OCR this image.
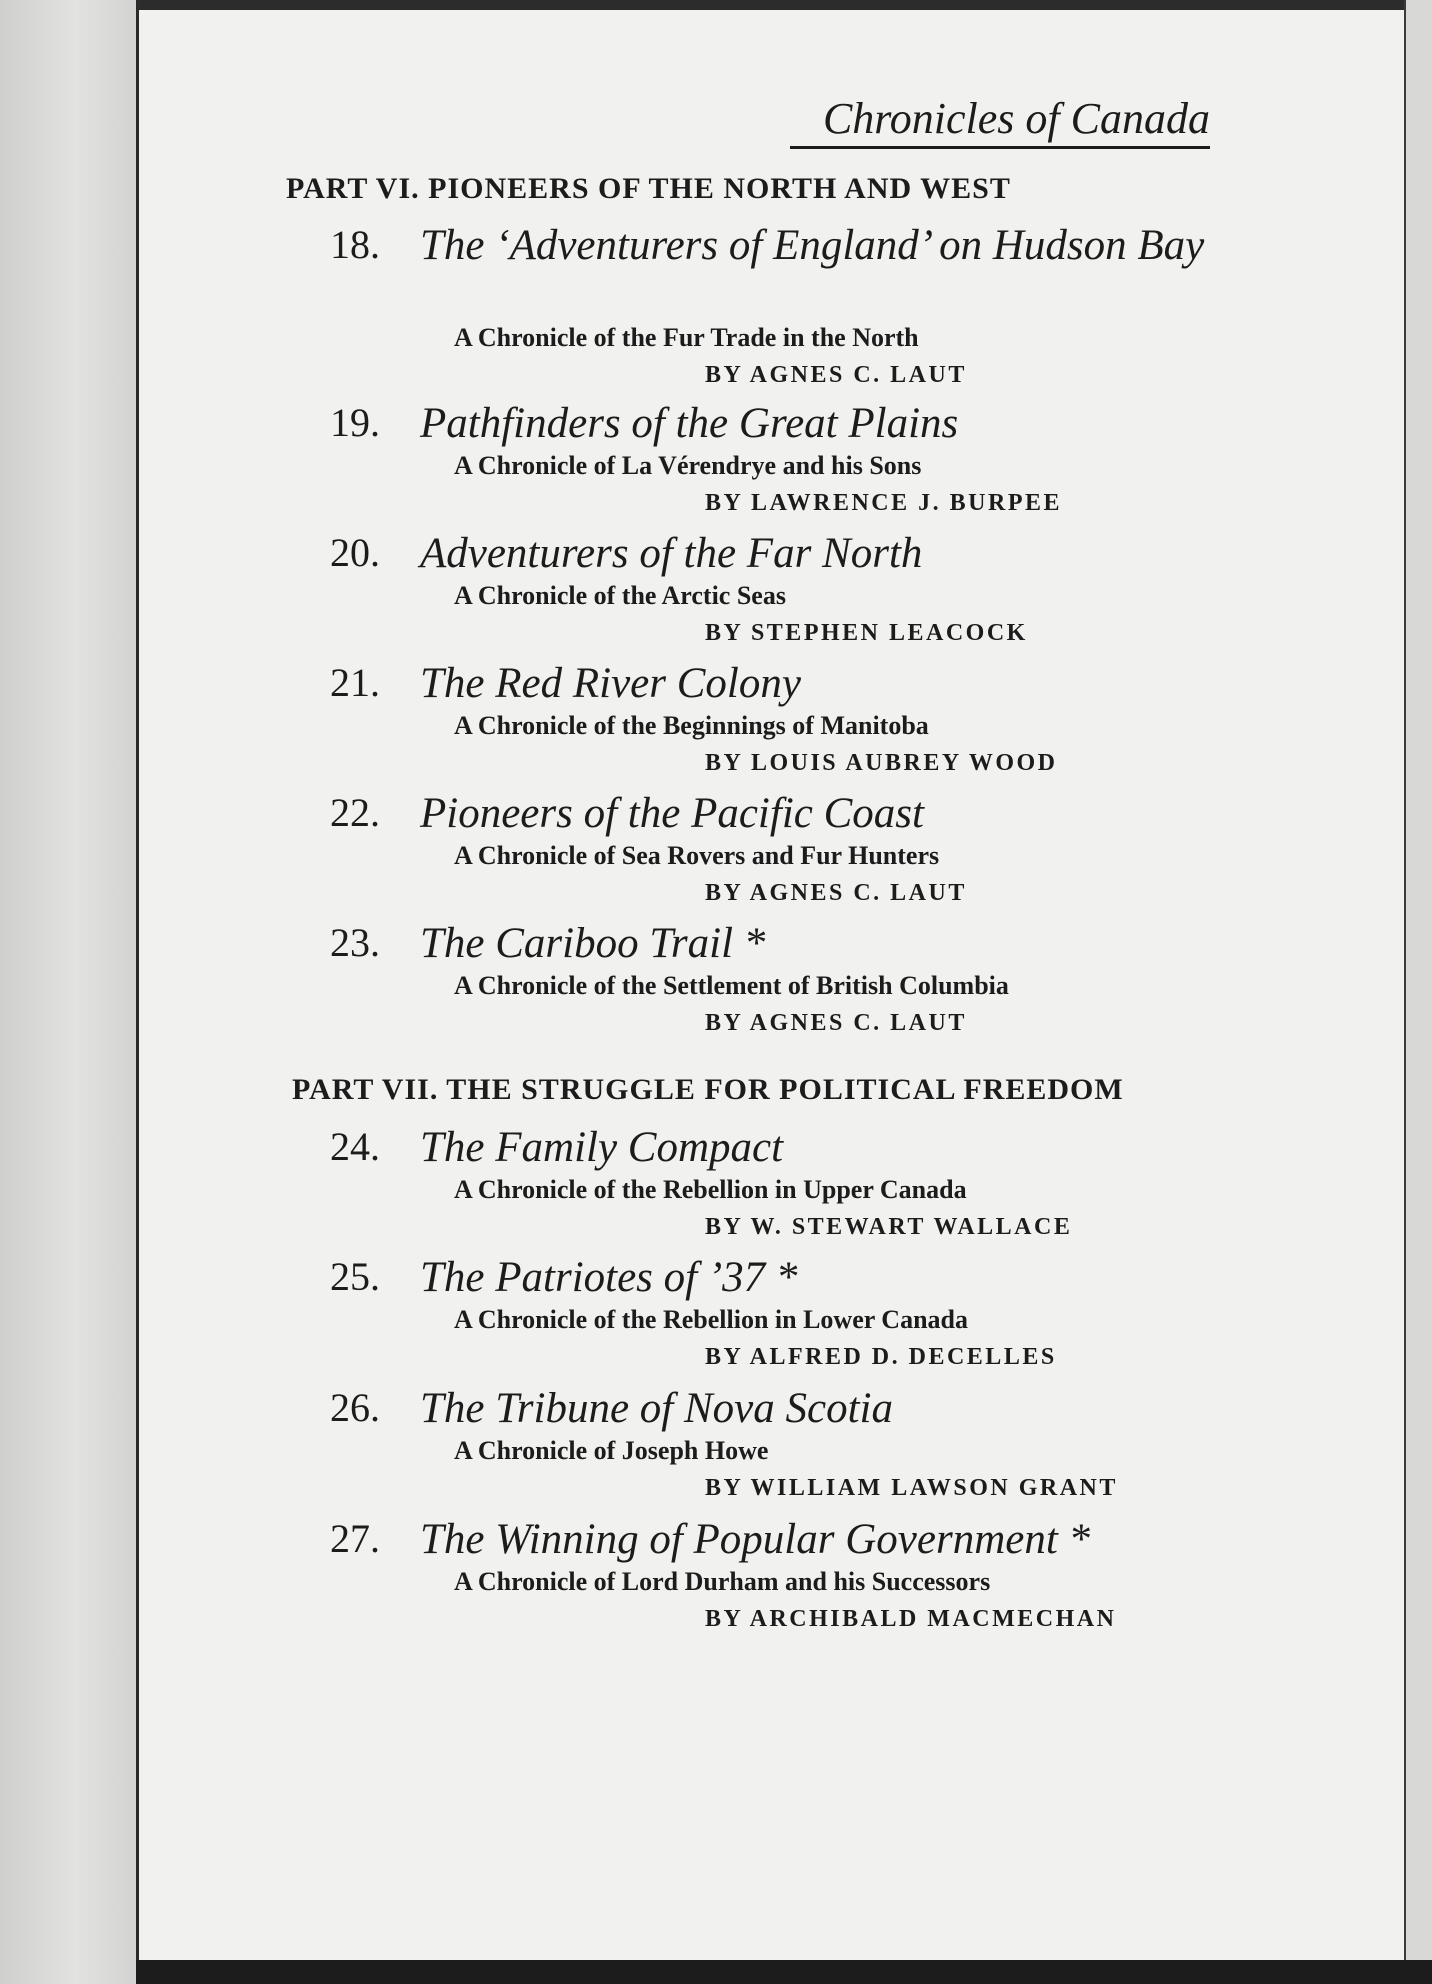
Chronicles of Canada
PART VI. PIONEERS OF THE NORTH AND WEST
18. The ‘Adventurers of England’ on Hudson Bay
A Chronicle of the Fur Trade in the North
BY AGNES C. LAUT
19. Pathfinders of the Great Plains
A Chronicle of La Vérendrye and his Sons
BY LAWRENCE J. BURPEE
20. Adventurers of the Far North
A Chronicle of the Arctic Seas
BY STEPHEN LEACOCK
21. The Red River Colony
A Chronicle of the Beginnings of Manitoba
BY LOUIS AUBREY WOOD
22. Pioneers of the Pacific Coast
A Chronicle of Sea Rovers and Fur Hunters
BY AGNES C. LAUT
23. The Cariboo Trail *
A Chronicle of the Settlement of British Columbia
BY AGNES C. LAUT
PART VII. THE STRUGGLE FOR POLITICAL FREEDOM
24. The Family Compact
A Chronicle of the Rebellion in Upper Canada
BY W. STEWART WALLACE
25. The Patriotes of ’37 *
A Chronicle of the Rebellion in Lower Canada
BY ALFRED D. DECELLES
26. The Tribune of Nova Scotia
A Chronicle of Joseph Howe
BY WILLIAM LAWSON GRANT
27. The Winning of Popular Government *
A Chronicle of Lord Durham and his Successors
BY ARCHIBALD MACMECHAN
